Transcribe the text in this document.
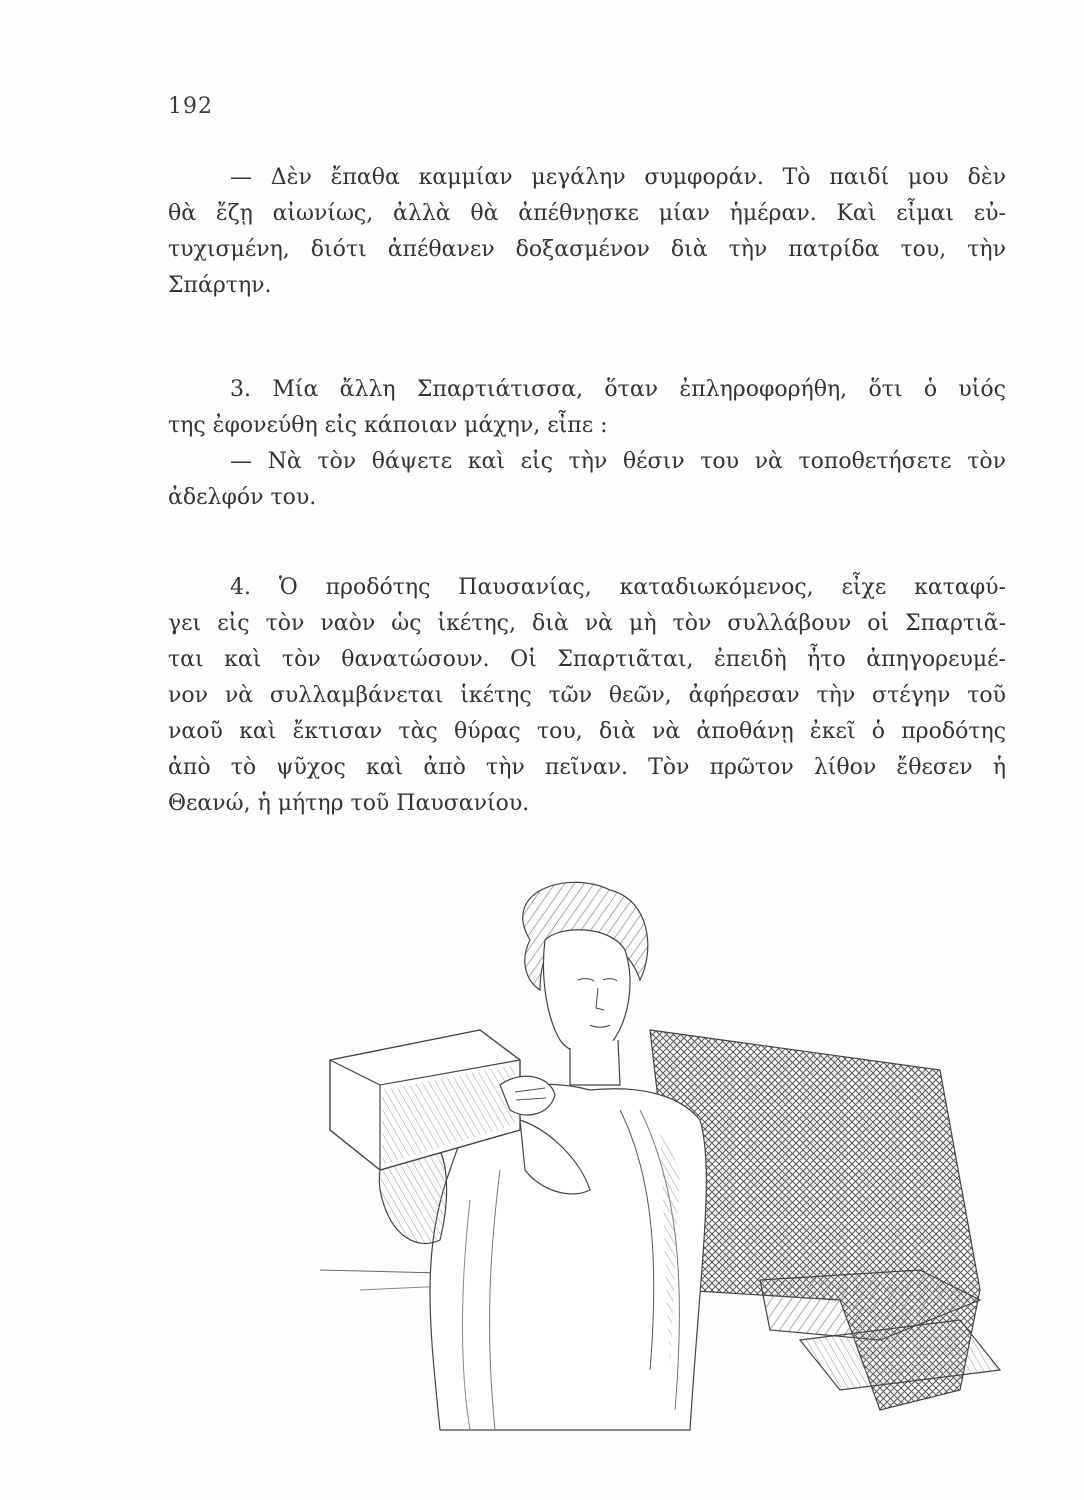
192
— Δὲν ἔπαθα καμμίαν μεγάλην συμφοράν. Τὸ παιδί μου δὲν
θὰ ἔζῃ αἰωνίως, ἀλλὰ θὰ ἀπέθνῃσκε μίαν ἡμέραν. Καὶ εἶμαι εὐ-
τυχισμένη, διότι ἀπέθανεν δοξασμένον διὰ τὴν πατρίδα του, τὴν
Σπάρτην.
3. Μία ἄλλη Σπαρτιάτισσα, ὅταν ἐπληροφορήθη, ὅτι ὁ υἱός
της ἐφονεύθη εἰς κάποιαν μάχην, εἶπε :
— Νὰ τὸν θάψετε καὶ εἰς τὴν θέσιν του νὰ τοποθετήσετε τὸν
ἀδελφόν του.
4. Ὁ προδότης Παυσανίας, καταδιωκόμενος, εἶχε καταφύ-
γει εἰς τὸν ναὸν ὡς ἱκέτης, διὰ νὰ μὴ τὸν συλλάβουν οἱ Σπαρτιᾶ-
ται καὶ τὸν θανατώσουν. Οἱ Σπαρτιᾶται, ἐπειδὴ ἦτο ἀπηγορευμέ-
νον νὰ συλλαμβάνεται ἱκέτης τῶν θεῶν, ἀφήρεσαν τὴν στέγην τοῦ
ναοῦ καὶ ἔκτισαν τὰς θύρας του, διὰ νὰ ἀποθάνῃ ἐκεῖ ὁ προδότης
ἀπὸ τὸ ψῦχος καὶ ἀπὸ τὴν πεῖναν. Τὸν πρῶτον λίθον ἔθεσεν ἡ
Θεανώ, ἡ μήτηρ τοῦ Παυσανίου.
